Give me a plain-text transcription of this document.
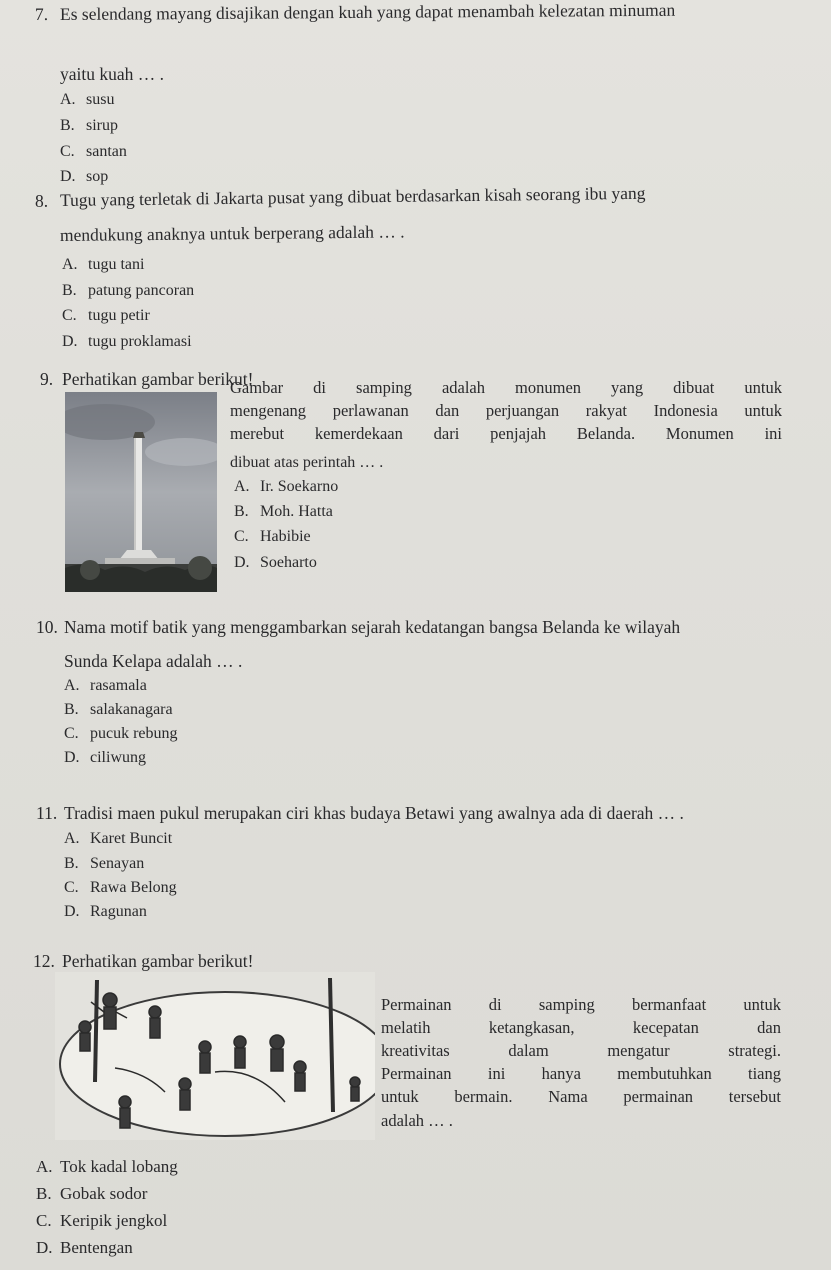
7. Es selendang mayang disajikan dengan kuah yang dapat menambah kelezatan minuman
yaitu kuah … .
A. susu
B. sirup
C. santan
D. sop
8. Tugu yang terletak di Jakarta pusat yang dibuat berdasarkan kisah seorang ibu yang
mendukung anaknya untuk berperang adalah … .
A. tugu tani
B. patung pancoran
C. tugu petir
D. tugu proklamasi
9. Perhatikan gambar berikut!
Gambar di samping adalah monumen yang dibuat untuk
mengenang perlawanan dan perjuangan rakyat Indonesia untuk
merebut kemerdekaan dari penjajah Belanda. Monumen ini
dibuat atas perintah … .
A. Ir. Soekarno
B. Moh. Hatta
C. Habibie
D. Soeharto
10. Nama motif batik yang menggambarkan sejarah kedatangan bangsa Belanda ke wilayah
Sunda Kelapa adalah … .
A. rasamala
B. salakanagara
C. pucuk rebung
D. ciliwung
11. Tradisi maen pukul merupakan ciri khas budaya Betawi yang awalnya ada di daerah … .
A. Karet Buncit
B. Senayan
C. Rawa Belong
D. Ragunan
12. Perhatikan gambar berikut!
Permainan di samping bermanfaat untuk
melatih ketangkasan, kecepatan dan
kreativitas dalam mengatur strategi.
Permainan ini hanya membutuhkan tiang
untuk bermain. Nama permainan tersebut
adalah … .
A. Tok kadal lobang
B. Gobak sodor
C. Keripik jengkol
D. Bentengan
